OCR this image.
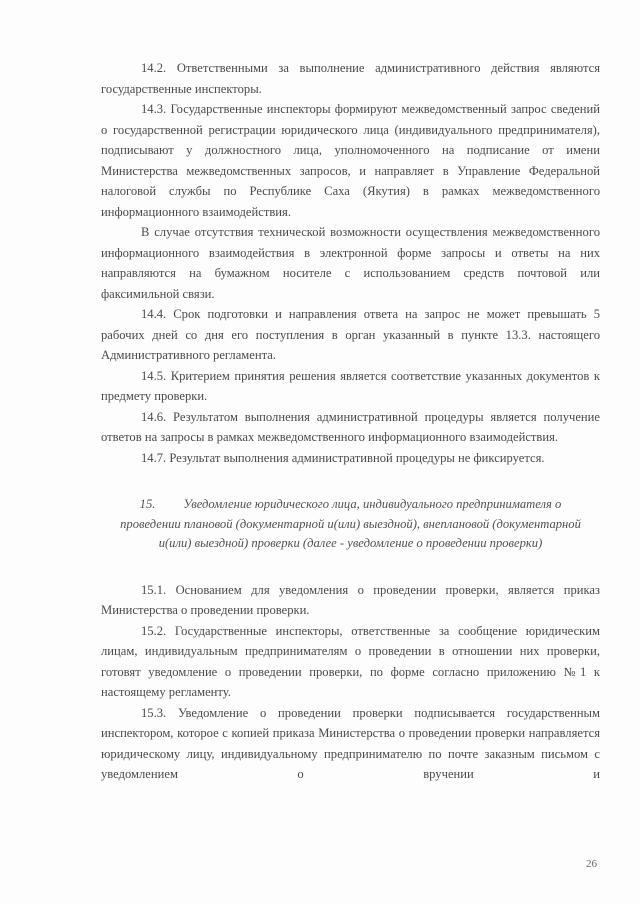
14.2. Ответственными за выполнение административного действия являются государственные инспекторы.

14.3. Государственные инспекторы формируют межведомственный запрос сведений о государственной регистрации юридического лица (индивидуального предпринимателя), подписывают у должностного лица, уполномоченного на подписание от имени Министерства межведомственных запросов, и направляет в Управление Федеральной налоговой службы по Республике Саха (Якутия) в рамках межведомственного информационного взаимодействия.

В случае отсутствия технической возможности осуществления межведомственного информационного взаимодействия в электронной форме запросы и ответы на них направляются на бумажном носителе с использованием средств почтовой или факсимильной связи.

14.4. Срок подготовки и направления ответа на запрос не может превышать 5 рабочих дней со дня его поступления в орган указанный в пункте 13.3. настоящего Административного регламента.

14.5. Критерием принятия решения является соответствие указанных документов к предмету проверки.

14.6. Результатом выполнения административной процедуры является получение ответов на запросы в рамках межведомственного информационного взаимодействия.

14.7. Результат выполнения административной процедуры не фиксируется.

15. Уведомление юридического лица, индивидуального предпринимателя о проведении плановой (документарной и(или) выездной), внеплановой (документарной и(или) выездной) проверки (далее - уведомление о проведении проверки)

15.1. Основанием для уведомления о проведении проверки, является приказ Министерства о проведении проверки.

15.2. Государственные инспекторы, ответственные за сообщение юридическим лицам, индивидуальным предпринимателям о проведении в отношении них проверки, готовят уведомление о проведении проверки, по форме согласно приложению №1 к настоящему регламенту.

15.3. Уведомление о проведении проверки подписывается государственным инспектором, которое с копией приказа Министерства о проведении проверки направляется юридическому лицу, индивидуальному предпринимателю по почте заказным письмом с уведомлением о вручении и

26
